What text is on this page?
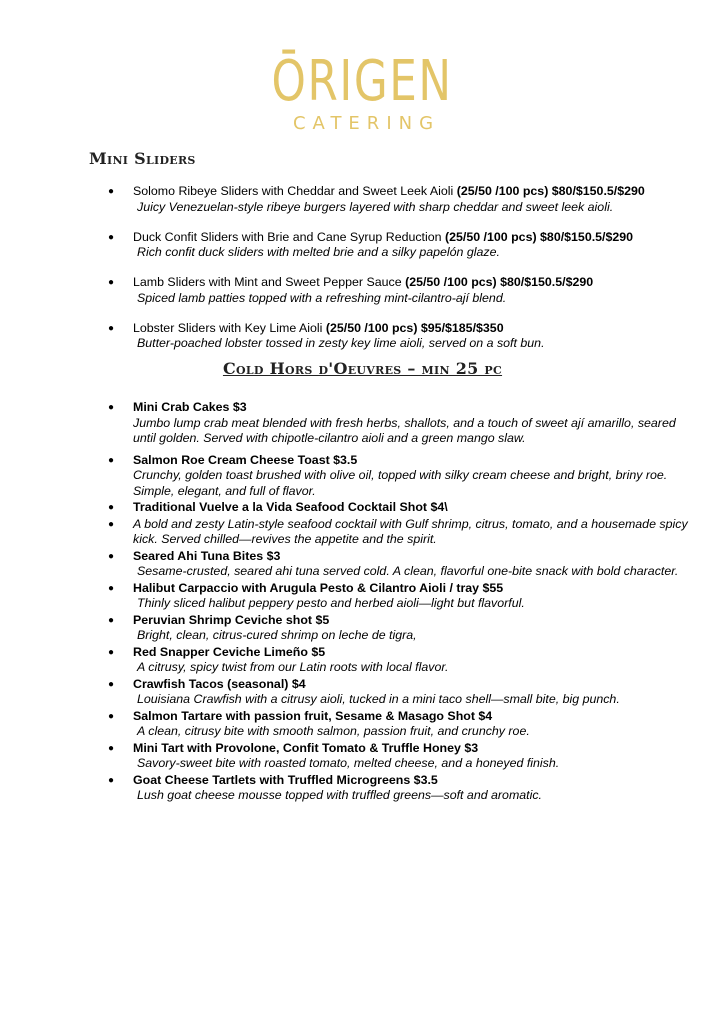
ŌRIGEN
CATERING
Mini Sliders
● Solomo Ribeye Sliders with Cheddar and Sweet Leek Aioli (25/50 /100 pcs) $80/$150.5/$290
Juicy Venezuelan-style ribeye burgers layered with sharp cheddar and sweet leek aioli.
● Duck Confit Sliders with Brie and Cane Syrup Reduction (25/50 /100 pcs) $80/$150.5/$290
Rich confit duck sliders with melted brie and a silky papelón glaze.
● Lamb Sliders with Mint and Sweet Pepper Sauce (25/50 /100 pcs) $80/$150.5/$290
Spiced lamb patties topped with a refreshing mint-cilantro-ají blend.
● Lobster Sliders with Key Lime Aioli (25/50 /100 pcs) $95/$185/$350
Butter-poached lobster tossed in zesty key lime aioli, served on a soft bun.
Cold Hors d'Oeuvres – min 25 pc
● Mini Crab Cakes $3
Jumbo lump crab meat blended with fresh herbs, shallots, and a touch of sweet ají amarillo, seared until golden. Served with chipotle-cilantro aioli and a green mango slaw.
● Salmon Roe Cream Cheese Toast $3.5
Crunchy, golden toast brushed with olive oil, topped with silky cream cheese and bright, briny roe. Simple, elegant, and full of flavor.
● Traditional Vuelve a la Vida Seafood Cocktail Shot $4\
● A bold and zesty Latin-style seafood cocktail with Gulf shrimp, citrus, tomato, and a housemade spicy kick. Served chilled—revives the appetite and the spirit.
● Seared Ahi Tuna Bites $3
Sesame-crusted, seared ahi tuna served cold. A clean, flavorful one-bite snack with bold character.
● Halibut Carpaccio with Arugula Pesto & Cilantro Aioli / tray $55
Thinly sliced halibut peppery pesto and herbed aioli—light but flavorful.
● Peruvian Shrimp Ceviche shot $5
Bright, clean, citrus-cured shrimp on leche de tigra,
● Red Snapper Ceviche Limeño $5
A citrusy, spicy twist from our Latin roots with local flavor.
● Crawfish Tacos (seasonal) $4
Louisiana Crawfish with a citrusy aioli, tucked in a mini taco shell—small bite, big punch.
● Salmon Tartare with passion fruit, Sesame & Masago Shot $4
A clean, citrusy bite with smooth salmon, passion fruit, and crunchy roe.
● Mini Tart with Provolone, Confit Tomato & Truffle Honey $3
Savory-sweet bite with roasted tomato, melted cheese, and a honeyed finish.
● Goat Cheese Tartlets with Truffled Microgreens $3.5
Lush goat cheese mousse topped with truffled greens—soft and aromatic.
